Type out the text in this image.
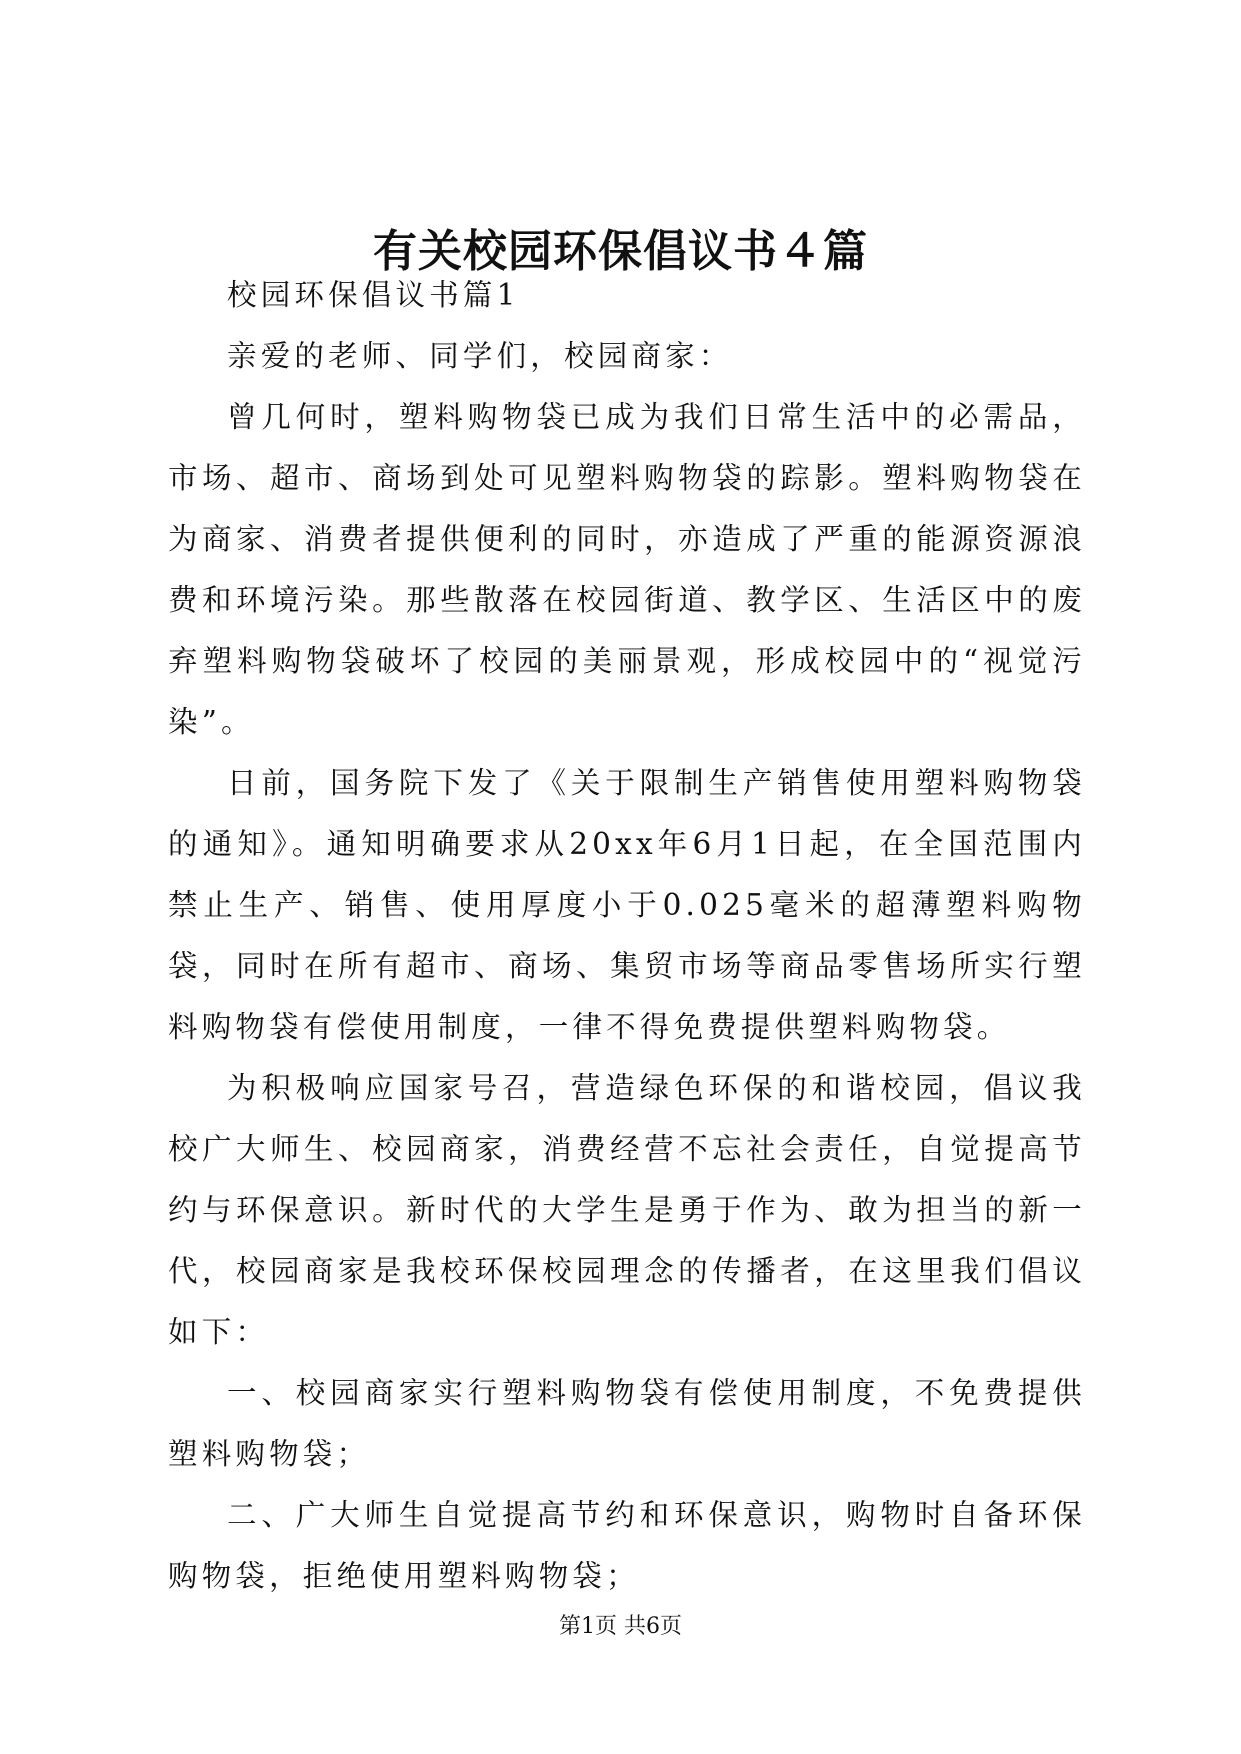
有关校园环保倡议书４篇

校园环保倡议书篇1

亲爱的老师、同学们，校园商家：

曾几何时，塑料购物袋已成为我们日常生活中的必需品，市场、超市、商场到处可见塑料购物袋的踪影。塑料购物袋在为商家、消费者提供便利的同时，亦造成了严重的能源资源浪费和环境污染。那些散落在校园街道、教学区、生活区中的废弃塑料购物袋破坏了校园的美丽景观，形成校园中的“视觉污染”。

日前，国务院下发了《关于限制生产销售使用塑料购物袋的通知》。通知明确要求从20xx年6月1日起，在全国范围内禁止生产、销售、使用厚度小于0.025毫米的超薄塑料购物袋，同时在所有超市、商场、集贸市场等商品零售场所实行塑料购物袋有偿使用制度，一律不得免费提供塑料购物袋。

为积极响应国家号召，营造绿色环保的和谐校园，倡议我校广大师生、校园商家，消费经营不忘社会责任，自觉提高节约与环保意识。新时代的大学生是勇于作为、敢为担当的新一代，校园商家是我校环保校园理念的传播者，在这里我们倡议如下：

一、校园商家实行塑料购物袋有偿使用制度，不免费提供塑料购物袋；

二、广大师生自觉提高节约和环保意识，购物时自备环保购物袋，拒绝使用塑料购物袋；

第1页 共6页
